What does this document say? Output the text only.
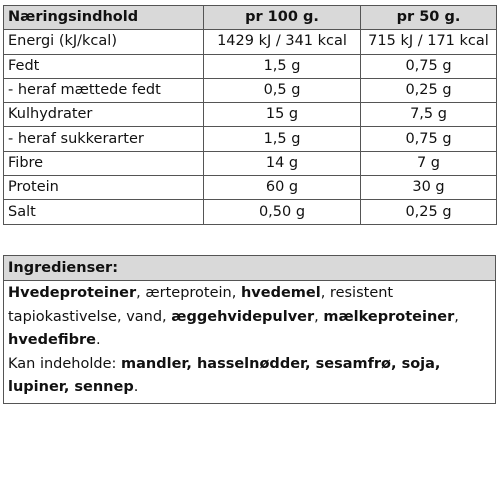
Næringsindhold	pr 100 g.	pr 50 g.
Energi (kJ/kcal)	1429 kJ / 341 kcal	715 kJ / 171 kcal
Fedt	1,5 g	0,75 g
- heraf mættede fedt	0,5 g	0,25 g
Kulhydrater	15 g	7,5 g
- heraf sukkerarter	1,5 g	0,75 g
Fibre	14 g	7 g
Protein	60 g	30 g
Salt	0,50 g	0,25 g
Ingredienser:
Hvedeproteiner, ærteprotein, hvedemel, resistent tapiokastivelse, vand, æggehvidepulver, mælkeproteiner, hvedefibre.
Kan indeholde: mandler, hasselnødder, sesamfrø, soja, lupiner, sennep.
